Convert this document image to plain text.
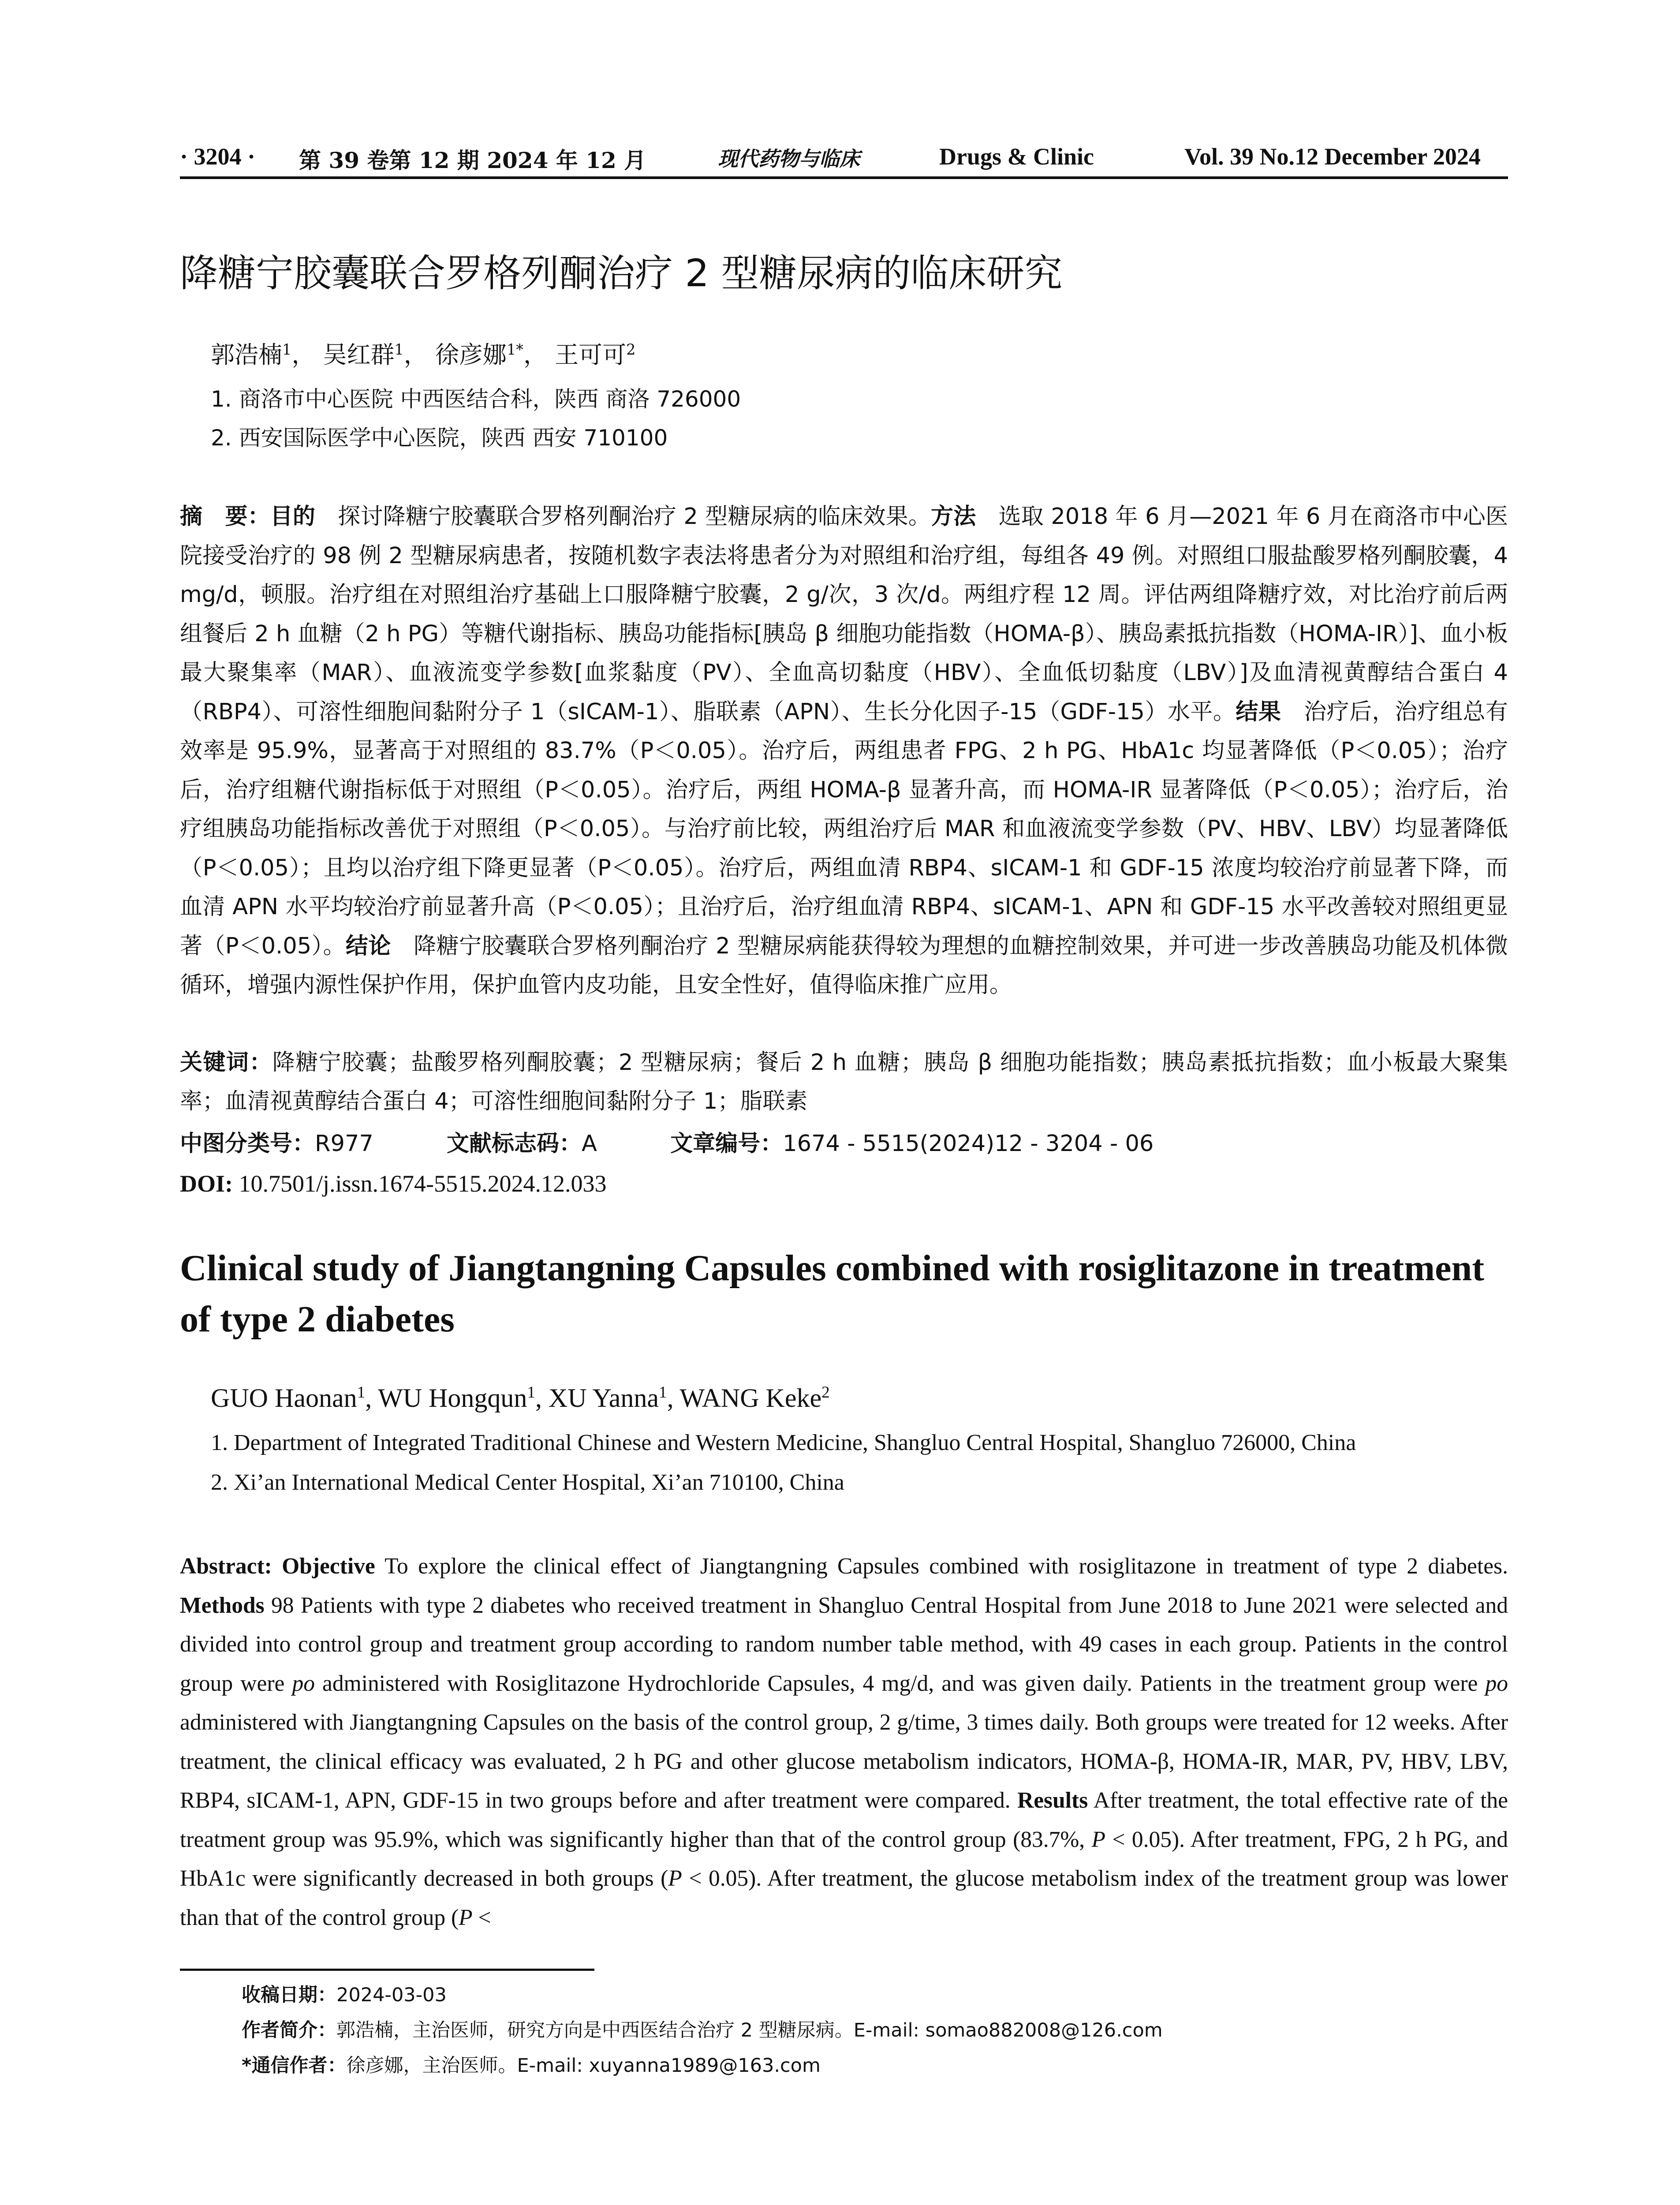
· 3204 · 第 39 卷第 12 期 2024 年 12 月	现代药物与临床	Drugs & Clinic	Vol. 39 No.12 December 2024
降糖宁胶囊联合罗格列酮治疗 2 型糖尿病的临床研究
郭浩楠$^1$， 吴红群$^1$， 徐彦娜$^{1*}$， 王可可$^2$
1. 商洛市中心医院 中西医结合科，陕西 商洛 726000
2. 西安国际医学中心医院，陕西 西安 710100
摘　要：目的　探讨降糖宁胶囊联合罗格列酮治疗 2 型糖尿病的临床效果。方法　选取 2018 年 6 月—2021 年 6 月在商洛市中心医院接受治疗的 98 例 2 型糖尿病患者，按随机数字表法将患者分为对照组和治疗组，每组各 49 例。对照组口服盐酸罗格列酮胶囊，4 mg/d，顿服。治疗组在对照组治疗基础上口服降糖宁胶囊，2 g/次，3 次/d。两组疗程 12 周。评估两组降糖疗效，对比治疗前后两组餐后 2 h 血糖（2 h PG）等糖代谢指标、胰岛功能指标[胰岛 β 细胞功能指数（HOMA-β）、胰岛素抵抗指数（HOMA-IR）]、血小板最大聚集率（MAR）、血液流变学参数[血浆黏度（PV）、全血高切黏度（HBV）、全血低切黏度（LBV）]及血清视黄醇结合蛋白 4（RBP4）、可溶性细胞间黏附分子 1（sICAM-1）、脂联素（APN）、生长分化因子-15（GDF-15）水平。结果　治疗后，治疗组总有效率是 95.9%，显著高于对照组的 83.7%（P＜0.05）。治疗后，两组患者 FPG、2 h PG、HbA1c 均显著降低（P＜0.05）；治疗后，治疗组糖代谢指标低于对照组（P＜0.05）。治疗后，两组 HOMA-β 显著升高，而 HOMA-IR 显著降低（P＜0.05）；治疗后，治疗组胰岛功能指标改善优于对照组（P＜0.05）。与治疗前比较，两组治疗后 MAR 和血液流变学参数（PV、HBV、LBV）均显著降低（P＜0.05）；且均以治疗组下降更显著（P＜0.05）。治疗后，两组血清 RBP4、sICAM-1 和 GDF-15 浓度均较治疗前显著下降，而血清 APN 水平均较治疗前显著升高（P＜0.05）；且治疗后，治疗组血清 RBP4、sICAM-1、APN 和 GDF-15 水平改善较对照组更显著（P＜0.05）。结论　降糖宁胶囊联合罗格列酮治疗 2 型糖尿病能获得较为理想的血糖控制效果，并可进一步改善胰岛功能及机体微循环，增强内源性保护作用，保护血管内皮功能，且安全性好，值得临床推广应用。
关键词：降糖宁胶囊；盐酸罗格列酮胶囊；2 型糖尿病；餐后 2 h 血糖；胰岛 β 细胞功能指数；胰岛素抵抗指数；血小板最大聚集率；血清视黄醇结合蛋白 4；可溶性细胞间黏附分子 1；脂联素
中图分类号：R977	文献标志码：A	文章编号：1674 - 5515(2024)12 - 3204 - 06
DOI: 10.7501/j.issn.1674-5515.2024.12.033
Clinical study of Jiangtangning Capsules combined with rosiglitazone in treatment of type 2 diabetes
GUO Haonan$^1$, WU Hongqun$^1$, XU Yanna$^1$, WANG Keke$^2$
1. Department of Integrated Traditional Chinese and Western Medicine, Shangluo Central Hospital, Shangluo 726000, China
2. Xi’an International Medical Center Hospital, Xi’an 710100, China
Abstract: Objective To explore the clinical effect of Jiangtangning Capsules combined with rosiglitazone in treatment of type 2 diabetes. Methods 98 Patients with type 2 diabetes who received treatment in Shangluo Central Hospital from June 2018 to June 2021 were selected and divided into control group and treatment group according to random number table method, with 49 cases in each group. Patients in the control group were po administered with Rosiglitazone Hydrochloride Capsules, 4 mg/d, and was given daily. Patients in the treatment group were po administered with Jiangtangning Capsules on the basis of the control group, 2 g/time, 3 times daily. Both groups were treated for 12 weeks. After treatment, the clinical efficacy was evaluated, 2 h PG and other glucose metabolism indicators, HOMA-β, HOMA-IR, MAR, PV, HBV, LBV, RBP4, sICAM-1, APN, GDF-15 in two groups before and after treatment were compared. Results After treatment, the total effective rate of the treatment group was 95.9%, which was significantly higher than that of the control group (83.7%, P < 0.05). After treatment, FPG, 2 h PG, and HbA1c were significantly decreased in both groups (P < 0.05). After treatment, the glucose metabolism index of the treatment group was lower than that of the control group (P <
收稿日期：2024-03-03
作者简介：郭浩楠，主治医师，研究方向是中西医结合治疗 2 型糖尿病。E-mail: somao882008@126.com
*通信作者：徐彦娜，主治医师。E-mail: xuyanna1989@163.com
